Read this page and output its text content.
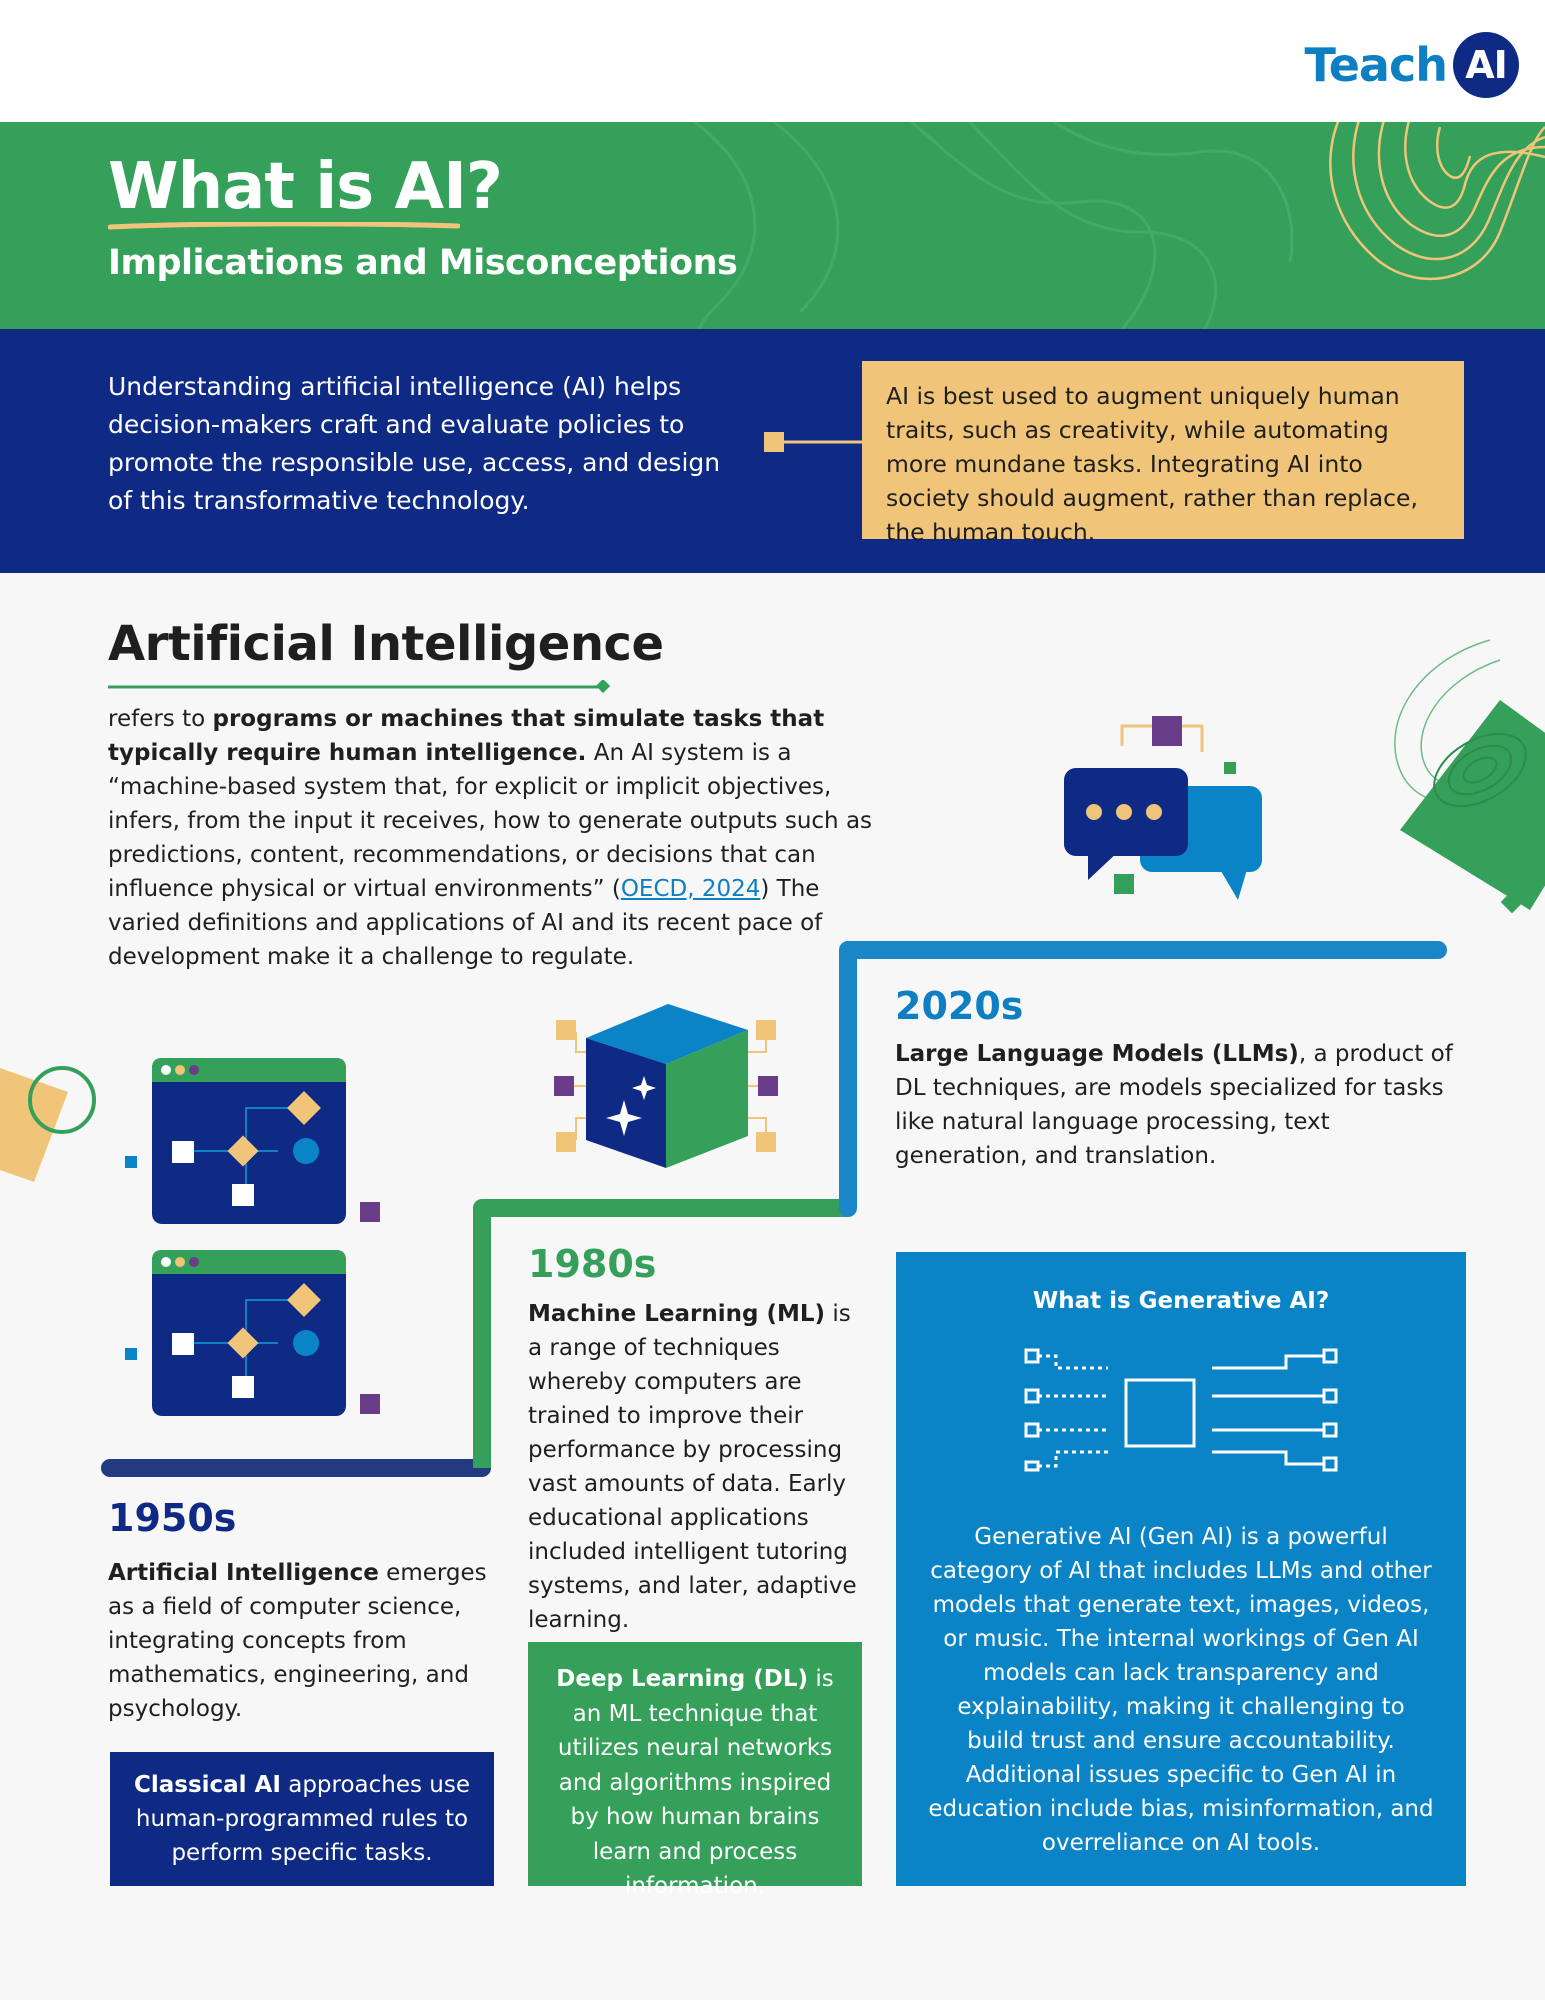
Teach AI
What is AI?
Implications and Misconceptions
Understanding artificial intelligence (AI) helps decision-makers craft and evaluate policies to promote the responsible use, access, and design of this transformative technology.
AI is best used to augment uniquely human traits, such as creativity, while automating more mundane tasks. Integrating AI into society should augment, rather than replace, the human touch.
Artificial Intelligence
refers to programs or machines that simulate tasks that typically require human intelligence. An AI system is a “machine-based system that, for explicit or implicit objectives, infers, from the input it receives, how to generate outputs such as predictions, content, recommendations, or decisions that can influence physical or virtual environments” (OECD, 2024) The varied definitions and applications of AI and its recent pace of development make it a challenge to regulate.
1950s
Artificial Intelligence emerges as a field of computer science, integrating concepts from mathematics, engineering, and psychology.
Classical AI approaches use human-programmed rules to perform specific tasks.
1980s
Machine Learning (ML) is a range of techniques whereby computers are trained to improve their performance by processing vast amounts of data. Early educational applications included intelligent tutoring systems, and later, adaptive learning.
Deep Learning (DL) is an ML technique that utilizes neural networks and algorithms inspired by how human brains learn and process information.
2020s
Large Language Models (LLMs), a product of DL techniques, are models specialized for tasks like natural language processing, text generation, and translation.
What is Generative AI?
Generative AI (Gen AI) is a powerful category of AI that includes LLMs and other models that generate text, images, videos, or music. The internal workings of Gen AI models can lack transparency and explainability, making it challenging to build trust and ensure accountability. Additional issues specific to Gen AI in education include bias, misinformation, and overreliance on AI tools.
